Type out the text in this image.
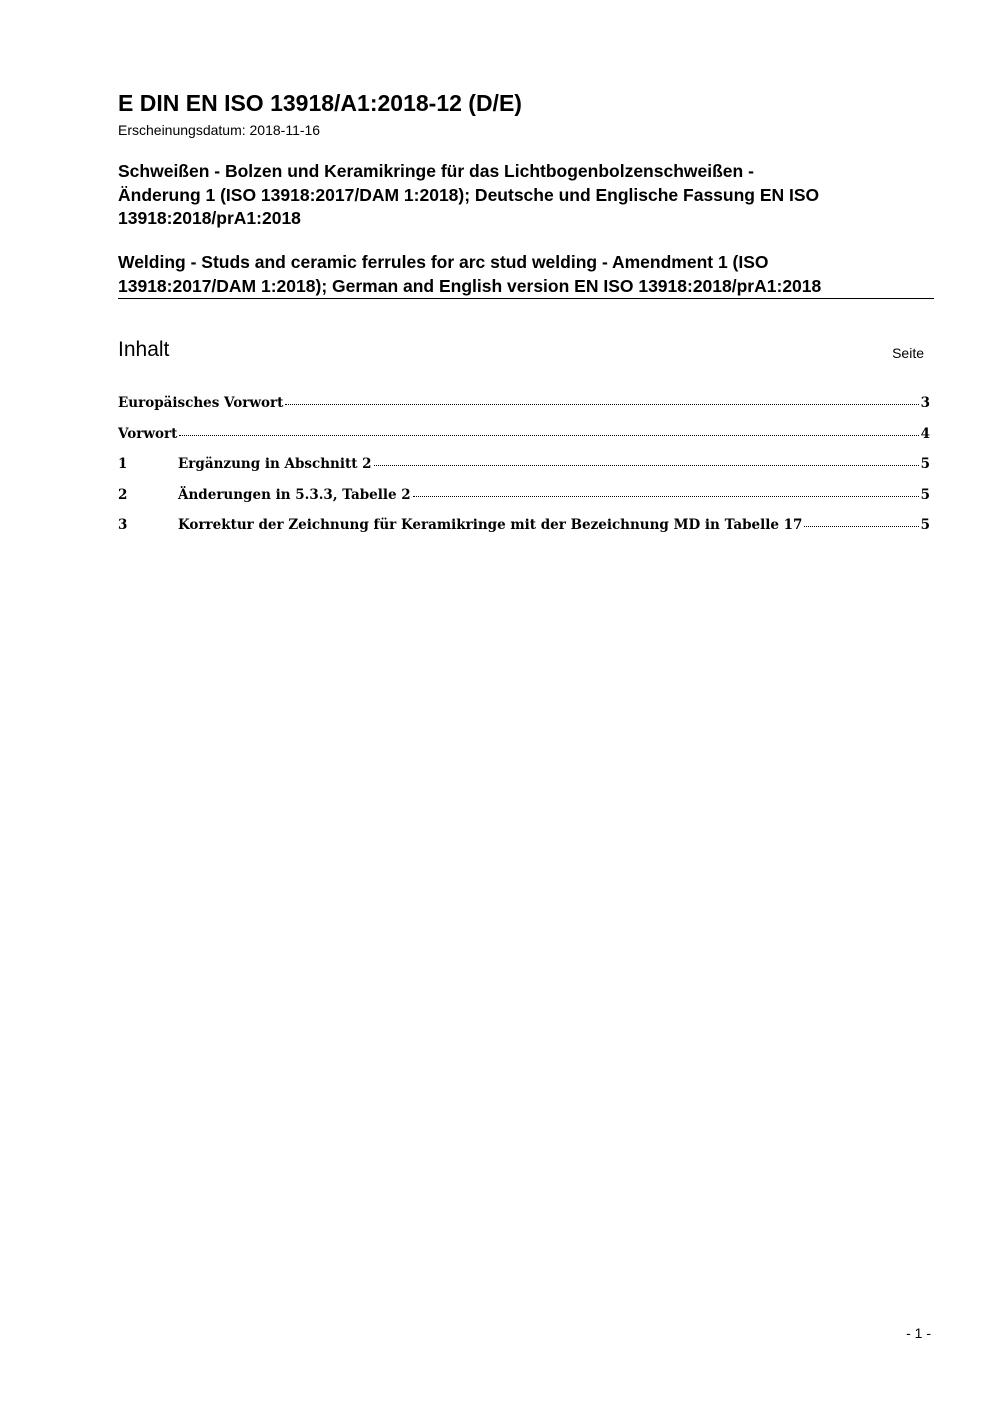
E DIN EN ISO 13918/A1:2018-12 (D/E)
Erscheinungsdatum: 2018-11-16
Schweißen - Bolzen und Keramikringe für das Lichtbogenbolzenschweißen -
Änderung 1 (ISO 13918:2017/DAM 1:2018); Deutsche und Englische Fassung EN ISO
13918:2018/prA1:2018
Welding - Studs and ceramic ferrules for arc stud welding - Amendment 1 (ISO
13918:2017/DAM 1:2018); German and English version EN ISO 13918:2018/prA1:2018
Inhalt	Seite
Europäisches Vorwort	3
Vorwort	4
1	Ergänzung in Abschnitt 2	5
2	Änderungen in 5.3.3, Tabelle 2	5
3	Korrektur der Zeichnung für Keramikringe mit der Bezeichnung MD in Tabelle 17	5
- 1 -
